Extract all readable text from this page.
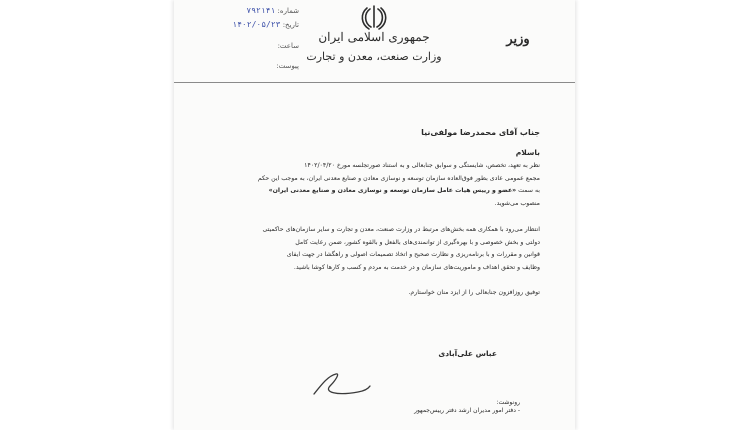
جمهوری اسلامی ایران
وزارت صنعت، معدن و تجارت
وزیر
شماره: ۷۹۲۱۴۱
تاریخ: ۱۴۰۲/۰۵/۲۳
ساعت:
پیوست:
جناب آقای محمدرضا مولفی‌نیا
باسلام
نظر به تعهد، تخصص، شایستگی و سوابق جنابعالی و به استناد صورتجلسه مورخ ۱۴۰۲/۰۴/۲۰
مجمع عمومی عادی بطور فوق‌العاده سازمان توسعه و نوسازی معادن و صنایع معدنی ایران، به موجب این حکم
به سمت «عضو و رییس هیات عامل سازمان توسعه و نوسازی معادن و صنایع معدنی ایران»
منصوب می‌شوید.
انتظار می‌رود با همکاری همه بخش‌های مرتبط در وزارت صنعت، معدن و تجارت و سایر سازمان‌های حاکمیتی
دولتی و بخش خصوصی و با بهره‌گیری از توانمندی‌های بالفعل و بالقوه کشور، ضمن رعایت کامل
قوانین و مقررات و با برنامه‌ریزی و نظارت صحیح و اتخاذ تصمیمات اصولی و راهگشا در جهت ایفای
وظایف و تحقق اهداف و ماموریت‌های سازمان و در خدمت به مردم و کسب و کارها کوشا باشید.
توفیق روزافزون جنابعالی را از ایزد منان خواستارم.
عباس علی‌آبادی
رونوشت:
- دفتر امور مدیران ارشد دفتر رییس‌جمهور
